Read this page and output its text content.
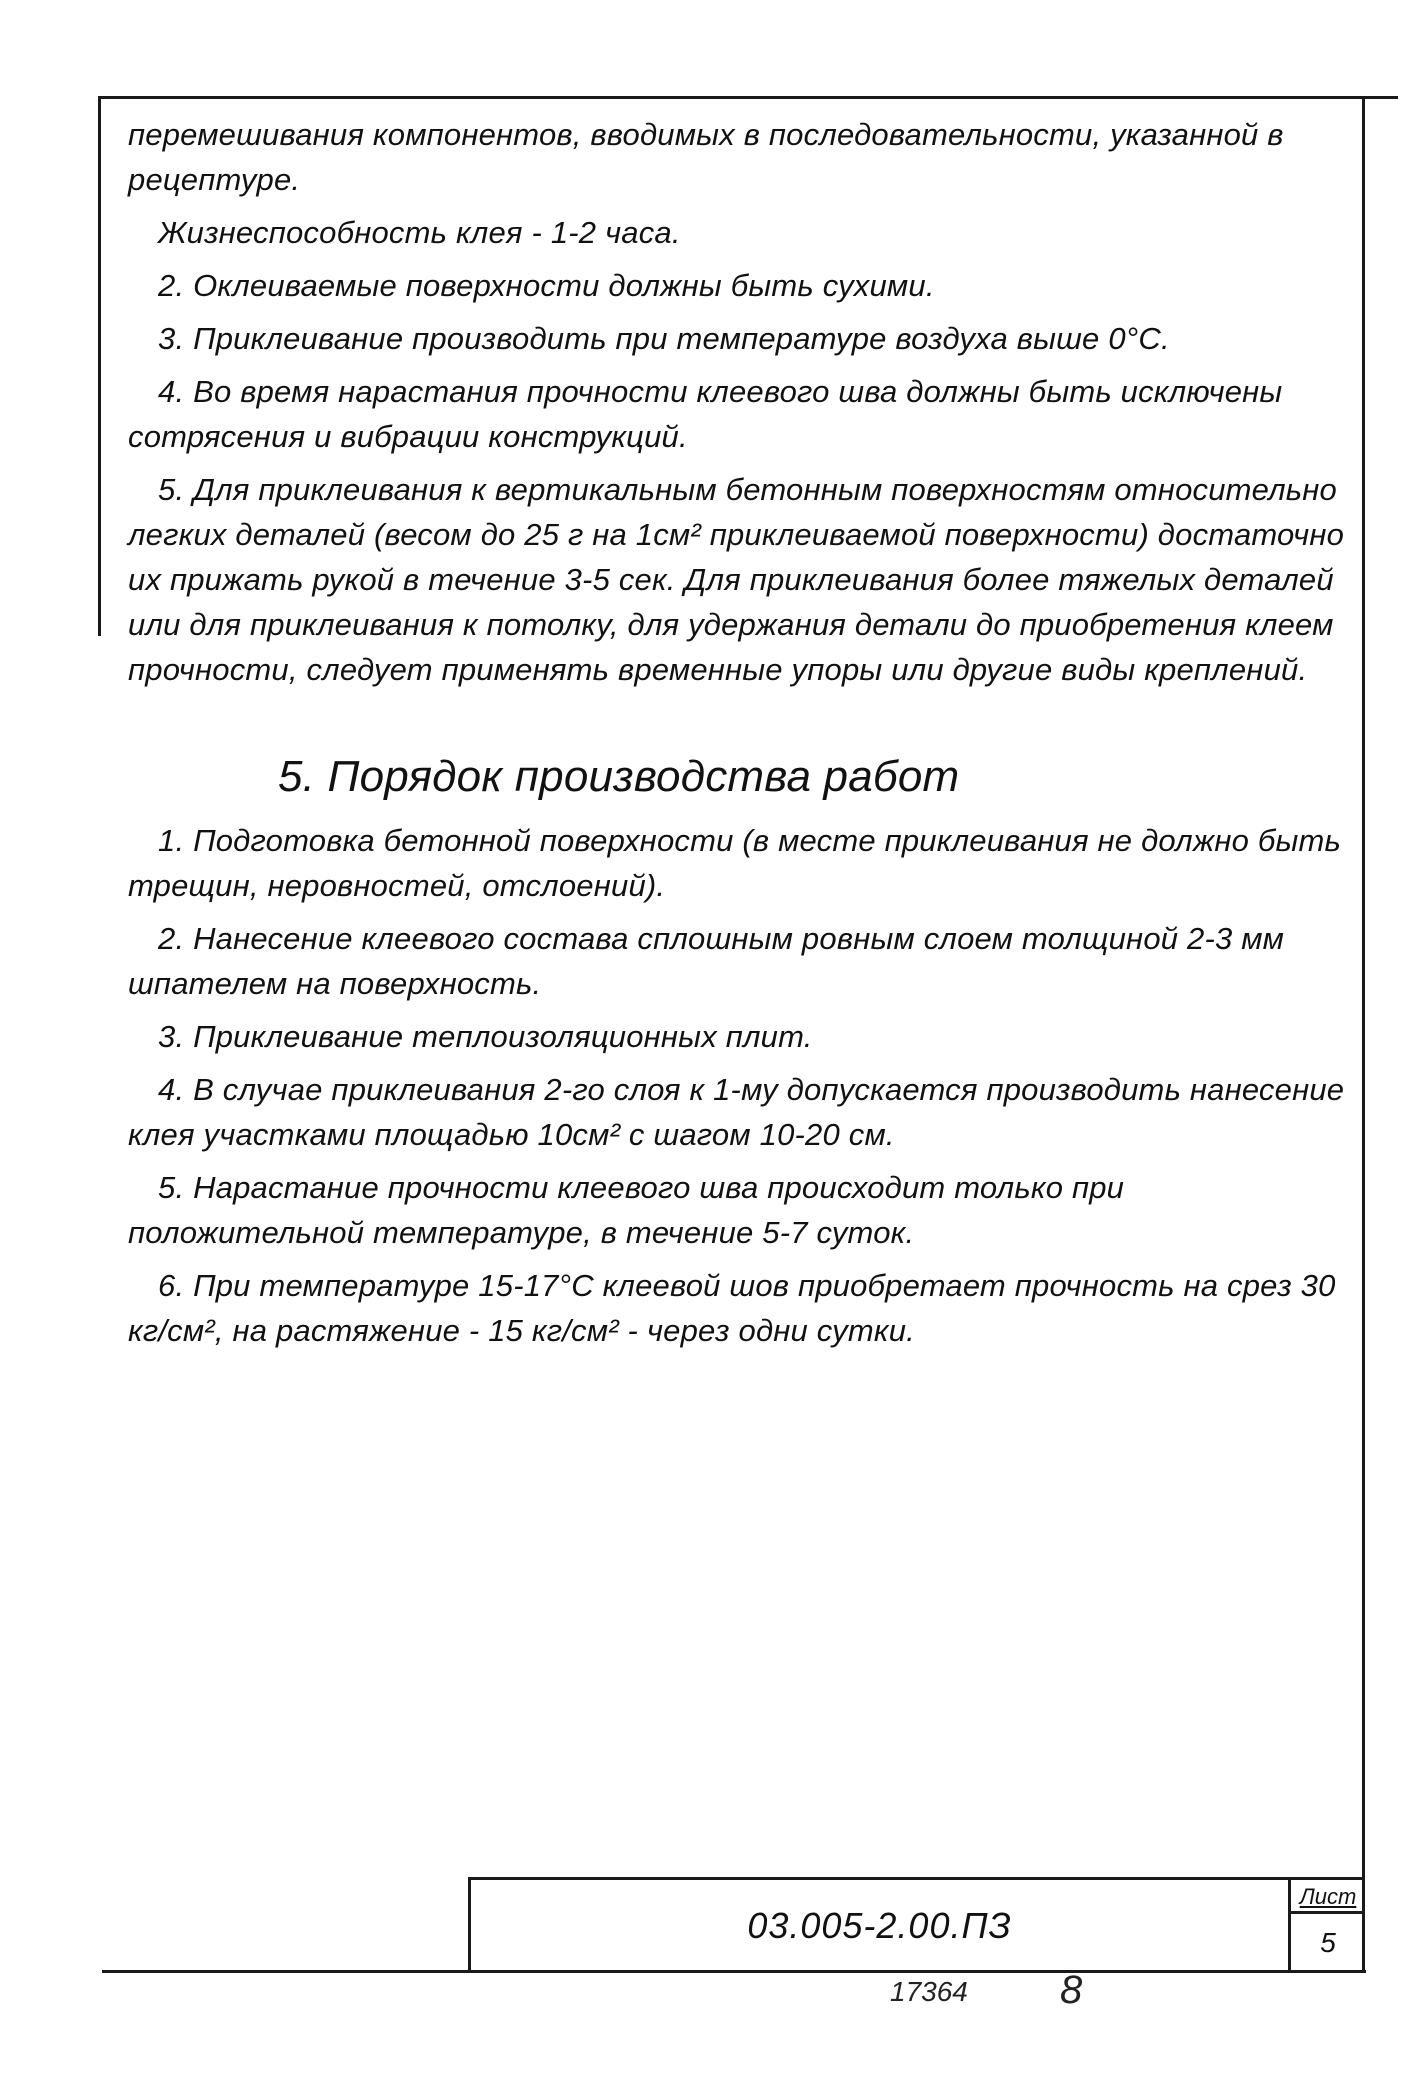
перемешивания компонентов, вводимых в последовательности, указанной в рецептуре.

Жизнеспособность клея - 1-2 часа.

2. Оклеиваемые поверхности должны быть сухими.

3. Приклеивание производить при температуре воздуха выше 0°С.

4. Во время нарастания прочности клеевого шва должны быть исключены сотрясения и вибрации конструкций.

5. Для приклеивания к вертикальным бетонным поверхностям относительно легких деталей (весом до 25 г на 1см² приклеиваемой поверхности) достаточно их прижать рукой в течение 3-5 сек. Для приклеивания более тяжелых деталей или для приклеивания к потолку, для удержания детали до приобретения клеем прочности, следует применять временные упоры или другие виды креплений.

5. Порядок производства работ

1. Подготовка бетонной поверхности (в месте приклеивания не должно быть трещин, неровностей, отслоений).

2. Нанесение клеевого состава сплошным ровным слоем толщиной 2-3 мм шпателем на поверхность.

3. Приклеивание теплоизоляционных плит.

4. В случае приклеивания 2-го слоя к 1-му допускается производить нанесение клея участками площадью 10см² с шагом 10-20 см.

5. Нарастание прочности клеевого шва происходит только при положительной температуре, в течение 5-7 суток.

6. При температуре 15-17°С клеевой шов приобретает прочность на срез 30 кг/см², на растяжение - 15 кг/см² - через одни сутки.

03.005-2.00.ПЗ
Лист
5
17364 8
